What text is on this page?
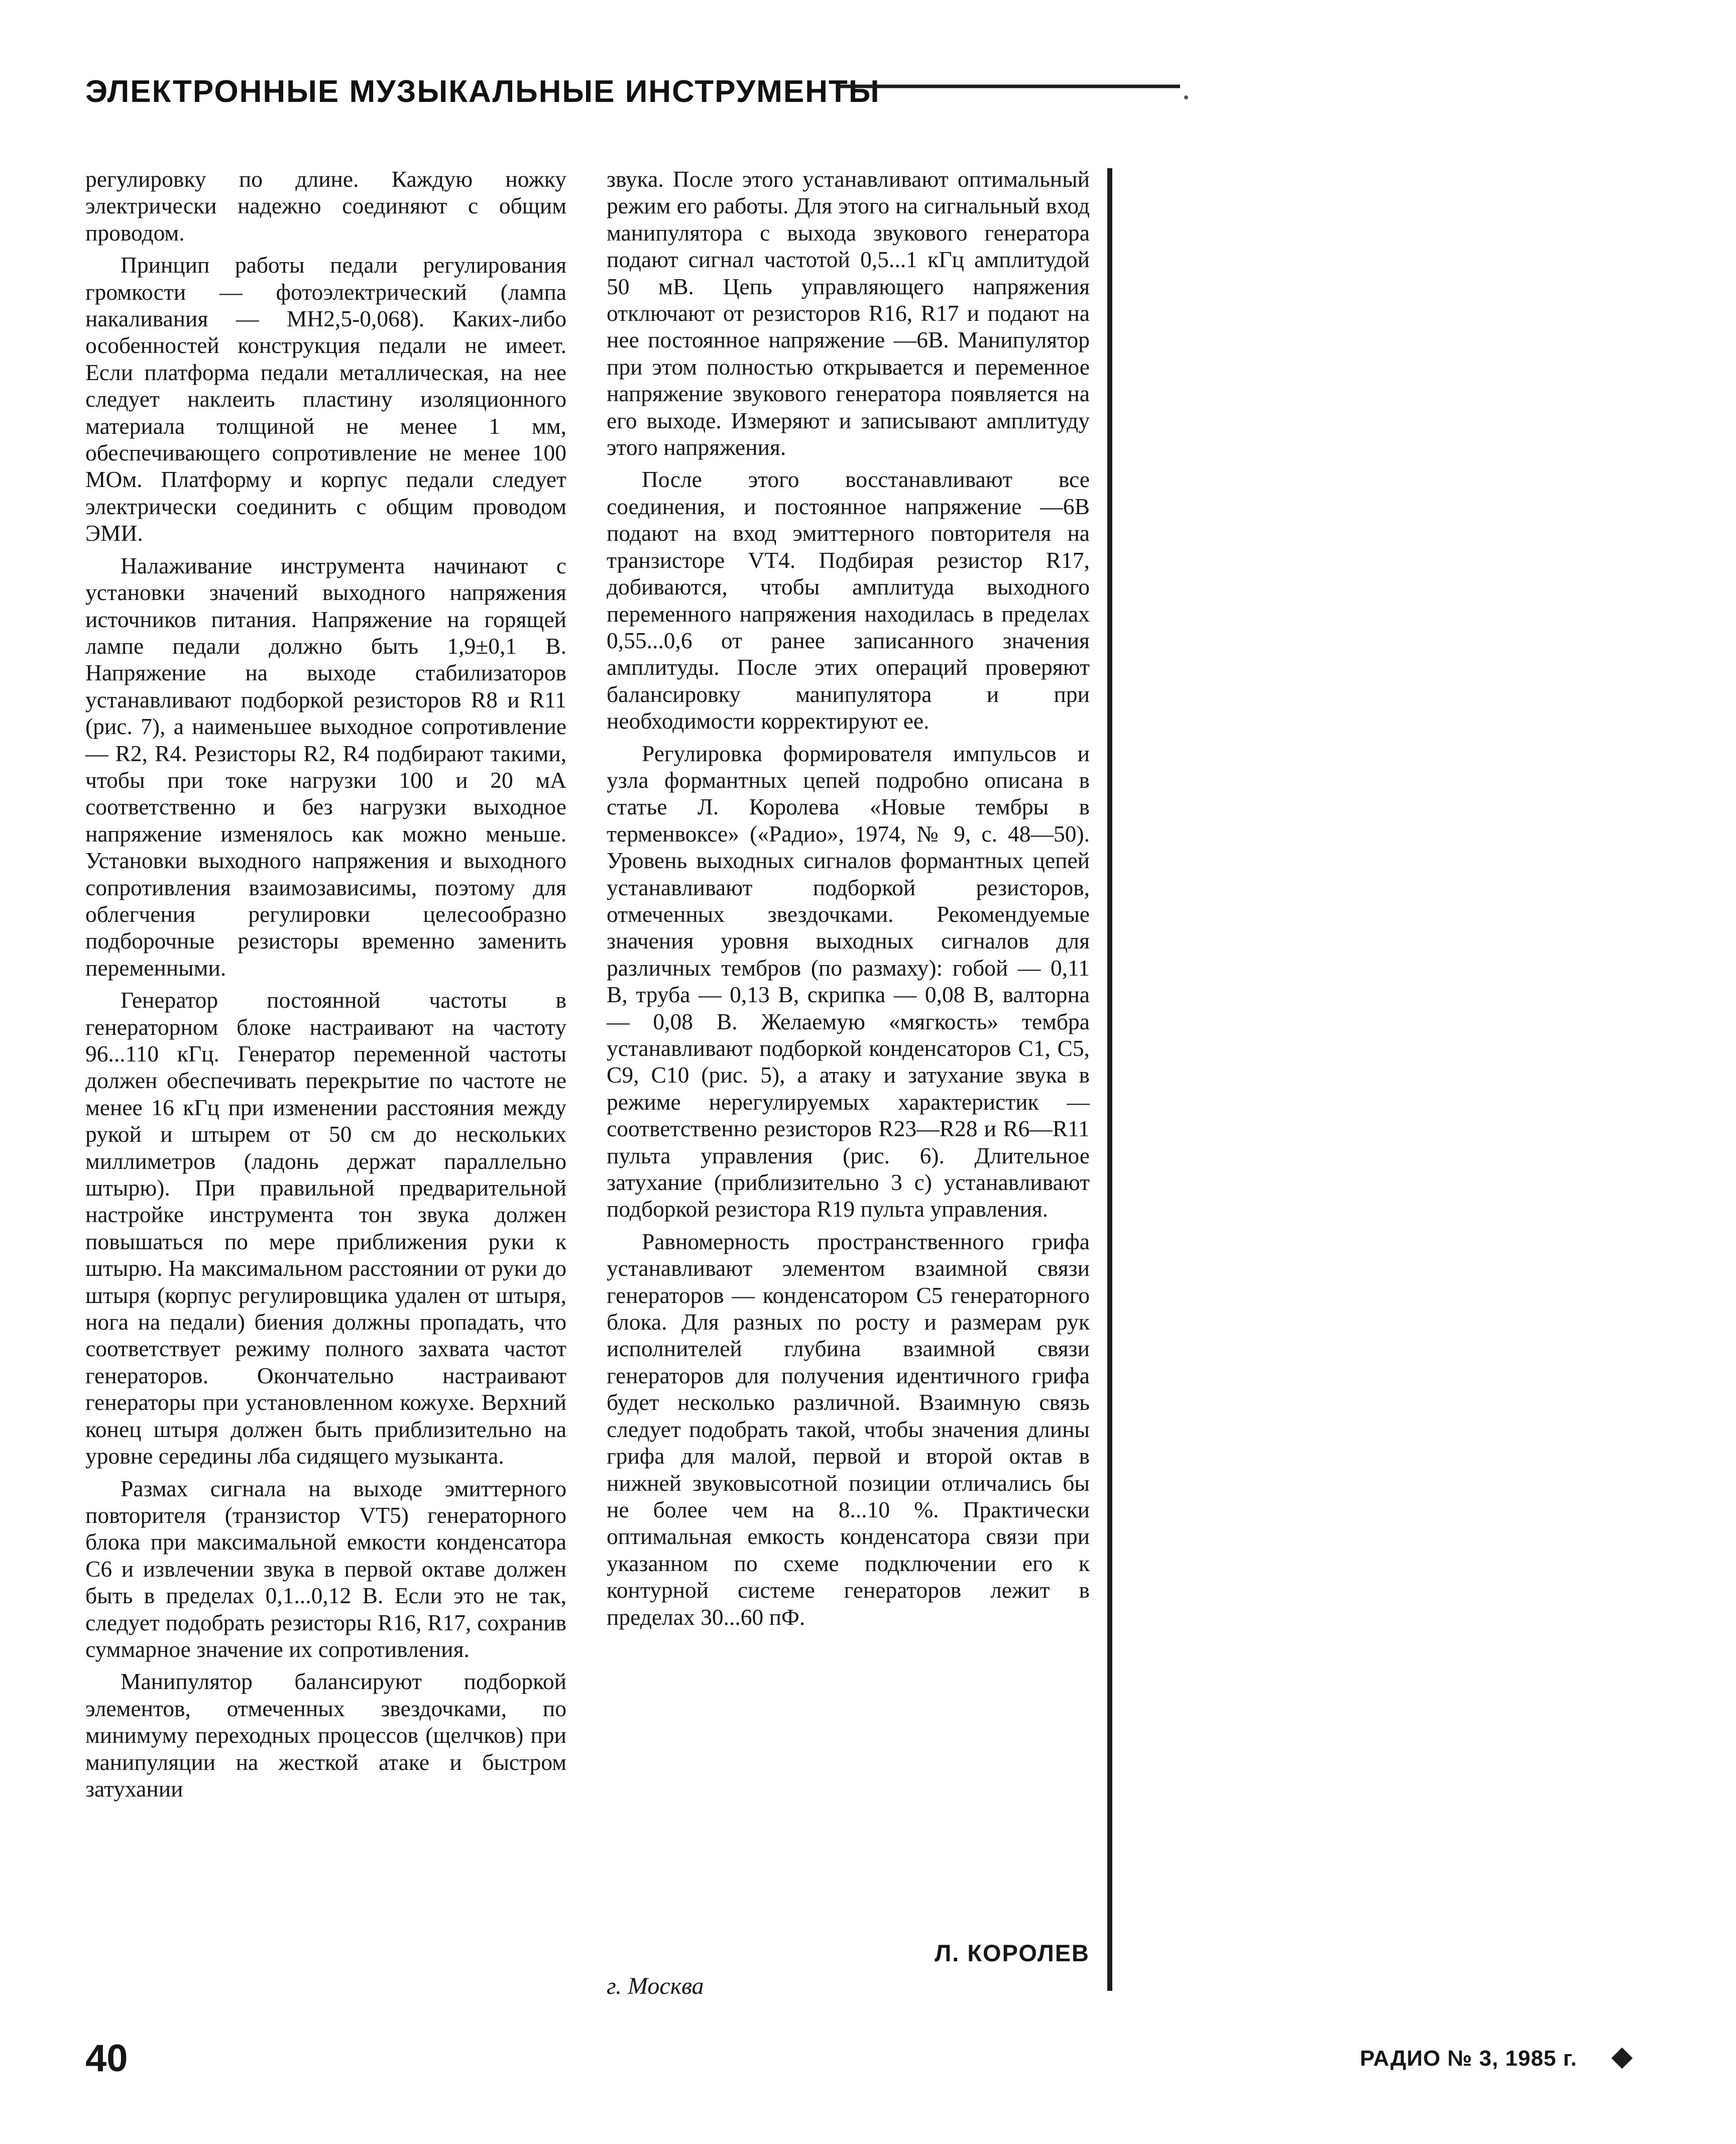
ЭЛЕКТРОННЫЕ МУЗЫКАЛЬНЫЕ ИНСТРУМЕНТЫ

регулировку по длине. Каждую ножку электрически надежно соединяют с общим проводом.

Принцип работы педали регулирования громкости — фотоэлектрический (лампа накаливания — МН2,5-0,068). Каких-либо особенностей конструкция педали не имеет. Если платформа педали металлическая, на нее следует наклеить пластину изоляционного материала толщиной не менее 1 мм, обеспечивающего сопротивление не менее 100 МОм. Платформу и корпус педали следует электрически соединить с общим проводом ЭМИ.

Налаживание инструмента начинают с установки значений выходного напряжения источников питания. Напряжение на горящей лампе педали должно быть 1,9±0,1 В. Напряжение на выходе стабилизаторов устанавливают подборкой резисторов R8 и R11 (рис. 7), а наименьшее выходное сопротивление — R2, R4. Резисторы R2, R4 подбирают такими, чтобы при токе нагрузки 100 и 20 мА соответственно и без нагрузки выходное напряжение изменялось как можно меньше. Установки выходного напряжения и выходного сопротивления взаимозависимы, поэтому для облегчения регулировки целесообразно подборочные резисторы временно заменить переменными.

Генератор постоянной частоты в генераторном блоке настраивают на частоту 96...110 кГц. Генератор переменной частоты должен обеспечивать перекрытие по частоте не менее 16 кГц при изменении расстояния между рукой и штырем от 50 см до нескольких миллиметров (ладонь держат параллельно штырю). При правильной предварительной настройке инструмента тон звука должен повышаться по мере приближения руки к штырю. На максимальном расстоянии от руки до штыря (корпус регулировщика удален от штыря, нога на педали) биения должны пропадать, что соответствует режиму полного захвата частот генераторов. Окончательно настраивают генераторы при установленном кожухе. Верхний конец штыря должен быть приблизительно на уровне середины лба сидящего музыканта.

Размах сигнала на выходе эмиттерного повторителя (транзистор VT5) генераторного блока при максимальной емкости конденсатора С6 и извлечении звука в первой октаве должен быть в пределах 0,1...0,12 В. Если это не так, следует подобрать резисторы R16, R17, сохранив суммарное значение их сопротивления.

Манипулятор балансируют подборкой элементов, отмеченных звездочками, по минимуму переходных процессов (щелчков) при манипуляции на жесткой атаке и быстром затухании

звука. После этого устанавливают оптимальный режим его работы. Для этого на сигнальный вход манипулятора с выхода звукового генератора подают сигнал частотой 0,5...1 кГц амплитудой 50 мВ. Цепь управляющего напряжения отключают от резисторов R16, R17 и подают на нее постоянное напряжение —6В. Манипулятор при этом полностью открывается и переменное напряжение звукового генератора появляется на его выходе. Измеряют и записывают амплитуду этого напряжения.

После этого восстанавливают все соединения, и постоянное напряжение —6В подают на вход эмиттерного повторителя на транзисторе VT4. Подбирая резистор R17, добиваются, чтобы амплитуда выходного переменного напряжения находилась в пределах 0,55...0,6 от ранее записанного значения амплитуды. После этих операций проверяют балансировку манипулятора и при необходимости корректируют ее.

Регулировка формирователя импульсов и узла формантных цепей подробно описана в статье Л. Королева «Новые тембры в терменвоксе» («Радио», 1974, № 9, с. 48—50). Уровень выходных сигналов формантных цепей устанавливают подборкой резисторов, отмеченных звездочками. Рекомендуемые значения уровня выходных сигналов для различных тембров (по размаху): гобой — 0,11 В, труба — 0,13 В, скрипка — 0,08 В, валторна — 0,08 В. Желаемую «мягкость» тембра устанавливают подборкой конденсаторов С1, С5, С9, С10 (рис. 5), а атаку и затухание звука в режиме нерегулируемых характеристик — соответственно резисторов R23—R28 и R6—R11 пульта управления (рис. 6). Длительное затухание (приблизительно 3 с) устанавливают подборкой резистора R19 пульта управления.

Равномерность пространственного грифа устанавливают элементом взаимной связи генераторов — конденсатором С5 генераторного блока. Для разных по росту и размерам рук исполнителей глубина взаимной связи генераторов для получения идентичного грифа будет несколько различной. Взаимную связь следует подобрать такой, чтобы значения длины грифа для малой, первой и второй октав в нижней звуковысотной позиции отличались бы не более чем на 8...10 %. Практически оптимальная емкость конденсатора связи при указанном по схеме подключении его к контурной системе генераторов лежит в пределах 30...60 пФ.

Л. КОРОЛЕВ
г. Москва
40	РАДИО № 3, 1985 г.
